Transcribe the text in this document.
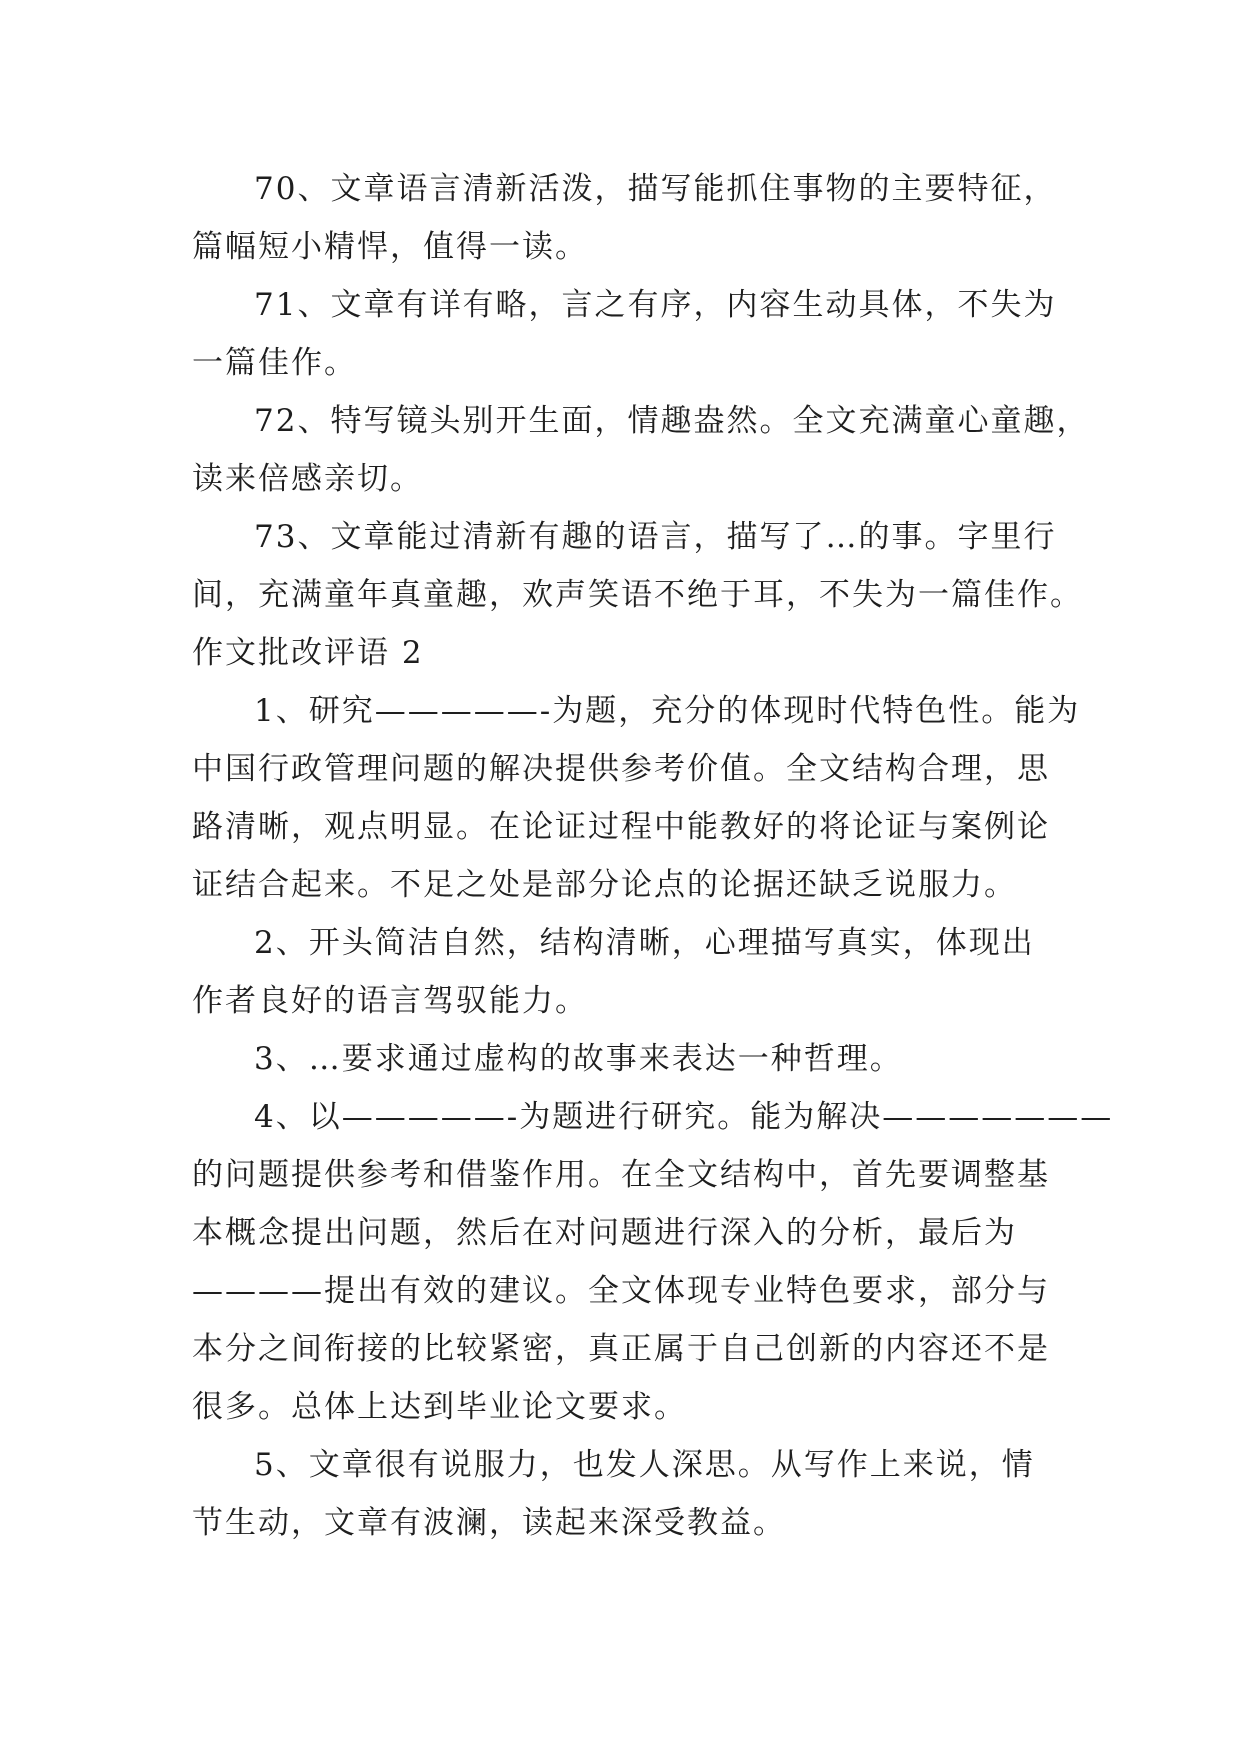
70、文章语言清新活泼，描写能抓住事物的主要特征，
篇幅短小精悍，值得一读。
71、文章有详有略，言之有序，内容生动具体，不失为
一篇佳作。
72、特写镜头别开生面，情趣盎然。全文充满童心童趣，
读来倍感亲切。
73、文章能过清新有趣的语言，描写了…的事。字里行
间，充满童年真童趣，欢声笑语不绝于耳，不失为一篇佳作。
作文批改评语 2
1、研究—————-为题，充分的体现时代特色性。能为
中国行政管理问题的解决提供参考价值。全文结构合理，思
路清晰，观点明显。在论证过程中能教好的将论证与案例论
证结合起来。不足之处是部分论点的论据还缺乏说服力。
2、开头简洁自然，结构清晰，心理描写真实，体现出
作者良好的语言驾驭能力。
3、…要求通过虚构的故事来表达一种哲理。
4、以—————-为题进行研究。能为解决———————
的问题提供参考和借鉴作用。在全文结构中，首先要调整基
本概念提出问题，然后在对问题进行深入的分析，最后为
————提出有效的建议。全文体现专业特色要求，部分与
本分之间衔接的比较紧密，真正属于自己创新的内容还不是
很多。总体上达到毕业论文要求。
5、文章很有说服力，也发人深思。从写作上来说，情
节生动，文章有波澜，读起来深受教益。
